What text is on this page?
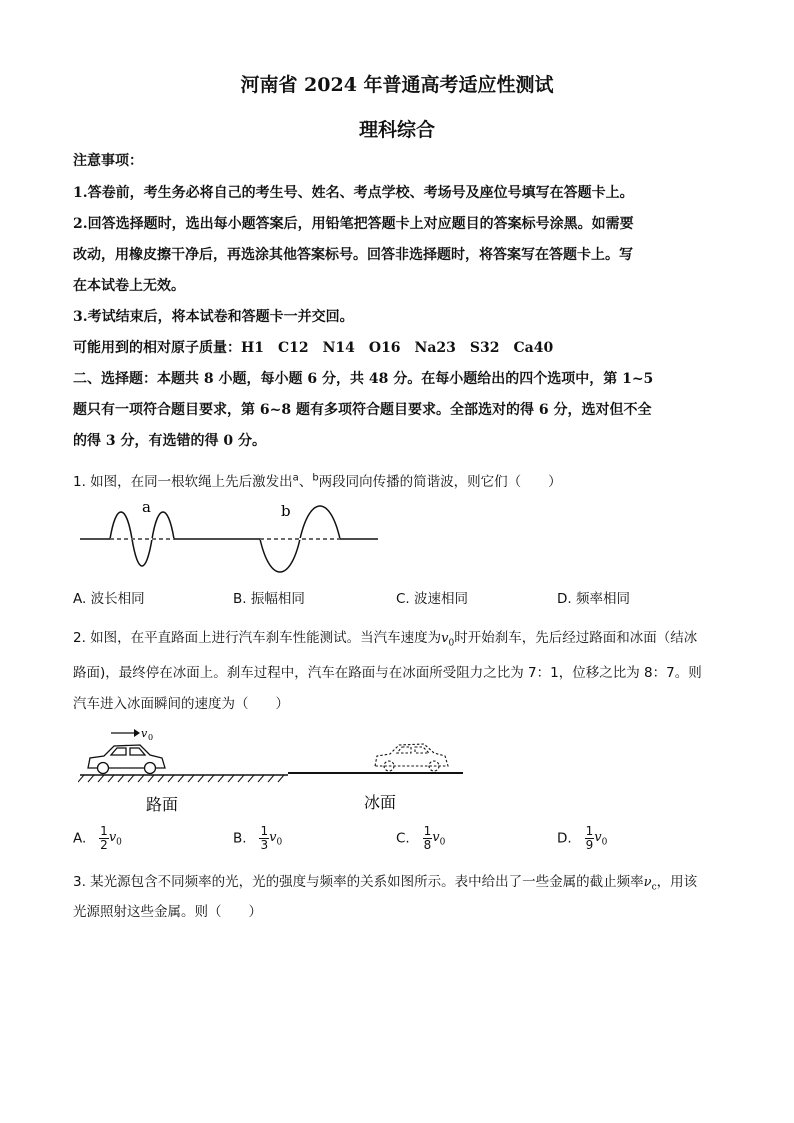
河南省 2024 年普通高考适应性测试
理科综合
注意事项：
1.答卷前，考生务必将自己的考生号、姓名、考点学校、考场号及座位号填写在答题卡上。
2.回答选择题时，选出每小题答案后，用铅笔把答题卡上对应题目的答案标号涂黑。如需要
改动，用橡皮擦干净后，再选涂其他答案标号。回答非选择题时，将答案写在答题卡上。写
在本试卷上无效。
3.考试结束后，将本试卷和答题卡一并交回。
可能用到的相对原子质量：H1　C12　N14　O16　Na23　S32　Ca40
二、选择题：本题共 8 小题，每小题 6 分，共 48 分。在每小题给出的四个选项中，第 1~5
题只有一项符合题目要求，第 6~8 题有多项符合题目要求。全部选对的得 6 分，选对但不全
的得 3 分，有选错的得 0 分。
1. 如图，在同一根软绳上先后激发出$^a$、$^b$两段同向传播的简谐波，则它们（　　）
a	b
A. 波长相同	B. 振幅相同	C. 波速相同	D. 频率相同
2. 如图，在平直路面上进行汽车刹车性能测试。当汽车速度为$v_0$时开始刹车，先后经过路面和冰面（结冰
路面)，最终停在冰面上。刹车过程中，汽车在路面与在冰面所受阻力之比为 7：1，位移之比为 8：7。则
汽车进入冰面瞬间的速度为（　　）
v 0
路面	冰面
A. $\frac{1}{2} v_0$	B. $\frac{1}{3} v_0$	C. $\frac{1}{8} v_0$	D. $\frac{1}{9} v_0$
3. 某光源包含不同频率的光，光的强度与频率的关系如图所示。表中给出了一些金属的截止频率$\nu_c$，用该
光源照射这些金属。则（　　）
